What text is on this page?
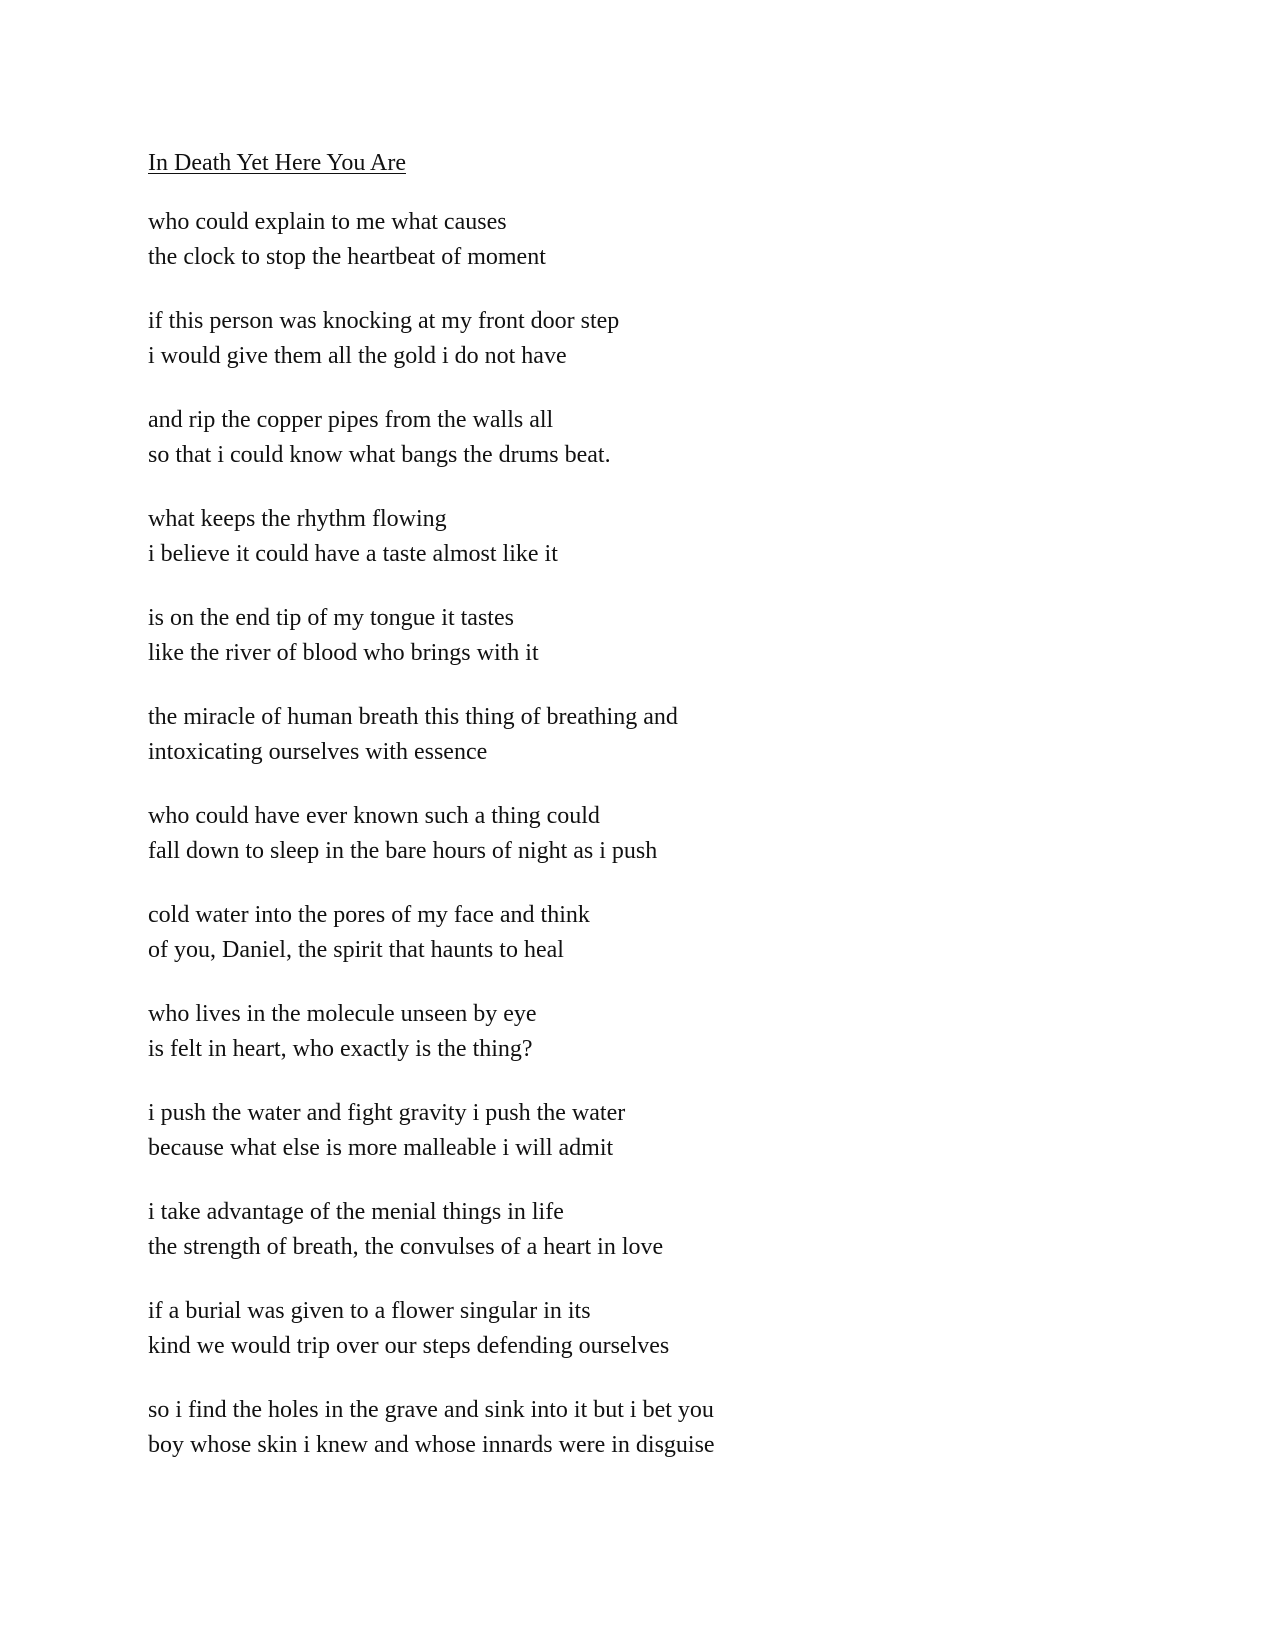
In Death Yet Here You Are
who could explain to me what causes
the clock to stop the heartbeat of moment
if this person was knocking at my front door step
i would give them all the gold i do not have
and rip the copper pipes from the walls all
so that i could know what bangs the drums beat.
what keeps the rhythm flowing
i believe it could have a taste almost like it
is on the end tip of my tongue it tastes
like the river of blood who brings with it
the miracle of human breath this thing of breathing and
intoxicating ourselves with essence
who could have ever known such a thing could
fall down to sleep in the bare hours of night as i push
cold water into the pores of my face and think
of you, Daniel, the spirit that haunts to heal
who lives in the molecule unseen by eye
is felt in heart, who exactly is the thing?
i push the water and fight gravity i push the water
because what else is more malleable i will admit
i take advantage of the menial things in life
the strength of breath, the convulses of a heart in love
if a burial was given to a flower singular in its
kind we would trip over our steps defending ourselves
so i find the holes in the grave and sink into it but i bet you
boy whose skin i knew and whose innards were in disguise
